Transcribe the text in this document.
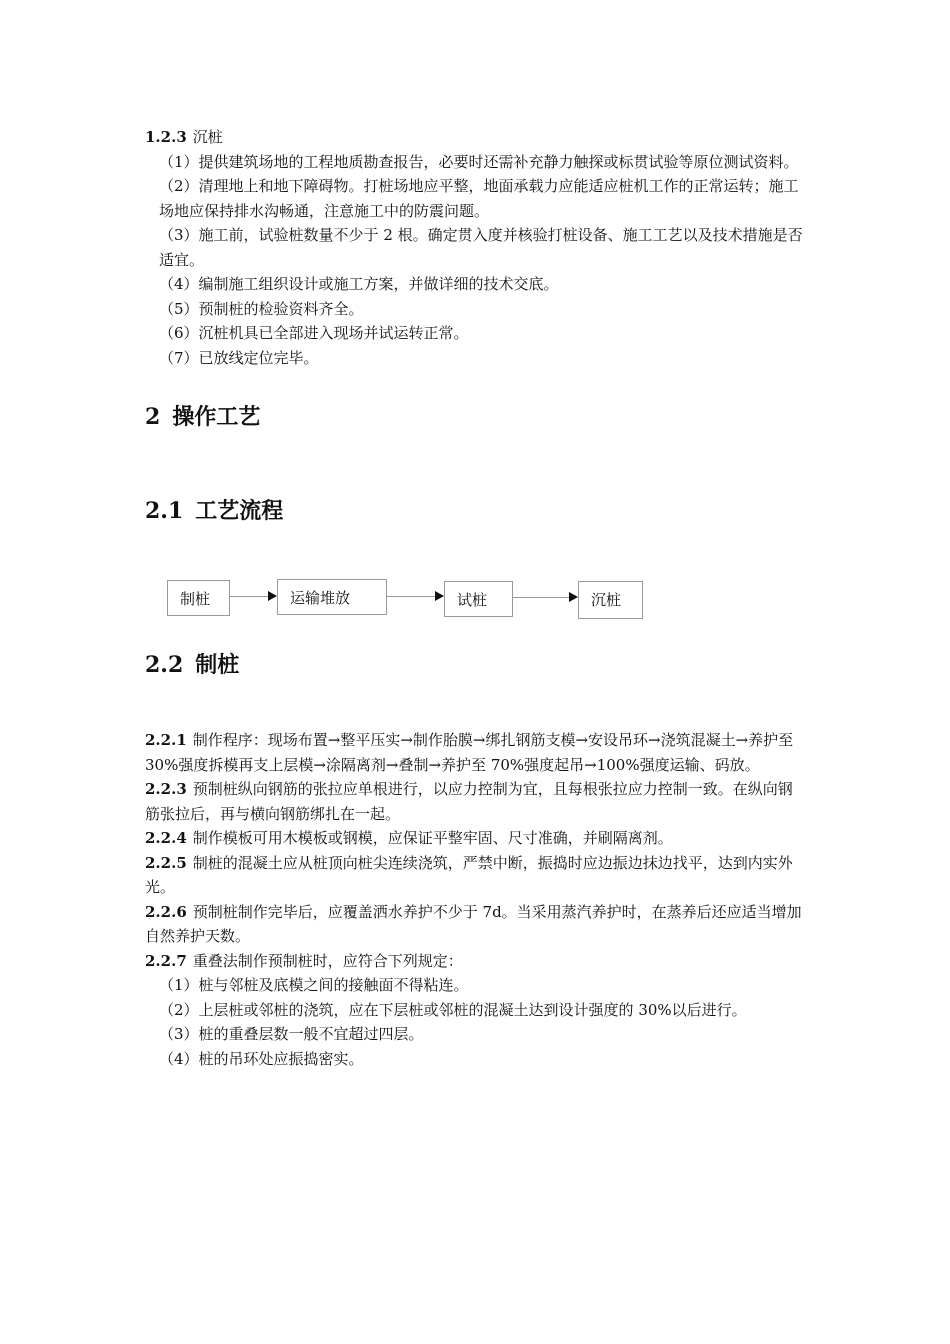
1.2.3 沉桩

（1）提供建筑场地的工程地质勘查报告，必要时还需补充静力触探或标贯试验等原位测试资料。

（2）清理地上和地下障碍物。打桩场地应平整，地面承载力应能适应桩机工作的正常运转；施工场地应保持排水沟畅通，注意施工中的防震问题。

（3）施工前，试验桩数量不少于 2 根。确定贯入度并核验打桩设备、施工工艺以及技术措施是否适宜。

（4）编制施工组织设计或施工方案，并做详细的技术交底。

（5）预制桩的检验资料齐全。

（6）沉桩机具已全部进入现场并试运转正常。

（7）已放线定位完毕。

2 操作工艺
2.1 工艺流程
制桩	运输堆放	试桩	沉桩
2.2 制桩

2.2.1 制作程序：现场布置→整平压实→制作胎膜→绑扎钢筋支模→安设吊环→浇筑混凝土→养护至 30%强度拆模再支上层模→涂隔离剂→叠制→养护至 70%强度起吊→100%强度运输、码放。

2.2.3 预制桩纵向钢筋的张拉应单根进行，以应力控制为宜，且每根张拉应力控制一致。在纵向钢筋张拉后，再与横向钢筋绑扎在一起。

2.2.4 制作模板可用木模板或钢模，应保证平整牢固、尺寸准确，并刷隔离剂。

2.2.5 制桩的混凝土应从桩顶向桩尖连续浇筑，严禁中断，振捣时应边振边抹边找平，达到内实外光。

2.2.6 预制桩制作完毕后，应覆盖洒水养护不少于 7d。当采用蒸汽养护时，在蒸养后还应适当增加自然养护天数。

2.2.7 重叠法制作预制桩时，应符合下列规定：

（1）桩与邻桩及底模之间的接触面不得粘连。

（2）上层桩或邻桩的浇筑，应在下层桩或邻桩的混凝土达到设计强度的 30%以后进行。

（3）桩的重叠层数一般不宜超过四层。

（4）桩的吊环处应振捣密实。
